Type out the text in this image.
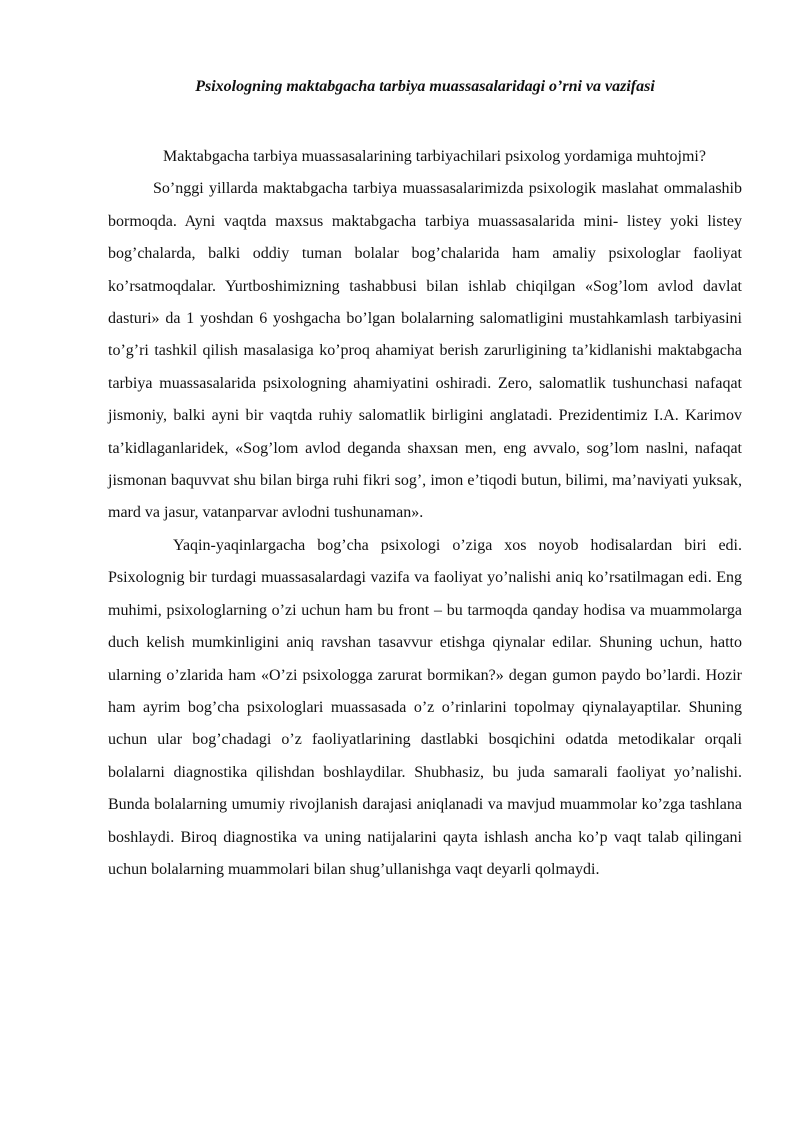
Psixologning maktabgacha tarbiya muassasalaridagi o’rni va vazifasi

Maktabgacha tarbiya muassasalarining tarbiyachilari psixolog yordamiga muhtojmi?

So’nggi yillarda maktabgacha tarbiya muassasalarimizda psixologik maslahat ommalashib bormoqda. Ayni vaqtda maxsus maktabgacha tarbiya muassasalarida mini- listey yoki listey bog’chalarda, balki oddiy tuman bolalar bog’chalarida ham amaliy psixologlar faoliyat ko’rsatmoqdalar. Yurtboshimizning tashabbusi bilan ishlab chiqilgan «Sog’lom avlod davlat dasturi» da 1 yoshdan 6 yoshgacha bo’lgan bolalarning salomatligini mustahkamlash tarbiyasini to’g’ri tashkil qilish masalasiga ko’proq ahamiyat berish zarurligining ta’kidlanishi maktabgacha tarbiya muassasalarida psixologning ahamiyatini oshiradi. Zero, salomatlik tushunchasi nafaqat jismoniy, balki ayni bir vaqtda ruhiy salomatlik birligini anglatadi. Prezidentimiz I.A. Karimov ta’kidlaganlaridek, «Sog’lom avlod deganda shaxsan men, eng avvalo, sog’lom naslni, nafaqat jismonan baquvvat shu bilan birga ruhi fikri sog’, imon e’tiqodi butun, bilimi, ma’naviyati yuksak, mard va jasur, vatanparvar avlodni tushunaman».

Yaqin-yaqinlargacha bog’cha psixologi o’ziga xos noyob hodisalardan biri edi. Psixolognig bir turdagi muassasalardagi vazifa va faoliyat yo’nalishi aniq ko’rsatilmagan edi. Eng muhimi, psixologlarning o’zi uchun ham bu front – bu tarmoqda qanday hodisa va muammolarga duch kelish mumkinligini aniq ravshan tasavvur etishga qiynalar edilar. Shuning uchun, hatto ularning o’zlarida ham «O’zi psixologga zarurat bormikan?» degan gumon paydo bo’lardi. Hozir ham ayrim bog’cha psixologlari muassasada o’z o’rinlarini topolmay qiynalayaptilar. Shuning uchun ular bog’chadagi o’z faoliyatlarining dastlabki bosqichini odatda metodikalar orqali bolalarni diagnostika qilishdan boshlaydilar. Shubhasiz, bu juda samarali faoliyat yo’nalishi. Bunda bolalarning umumiy rivojlanish darajasi aniqlanadi va mavjud muammolar ko’zga tashlana boshlaydi. Biroq diagnostika va uning natijalarini qayta ishlash ancha ko’p vaqt talab qilingani uchun bolalarning muammolari bilan shug’ullanishga vaqt deyarli qolmaydi.
